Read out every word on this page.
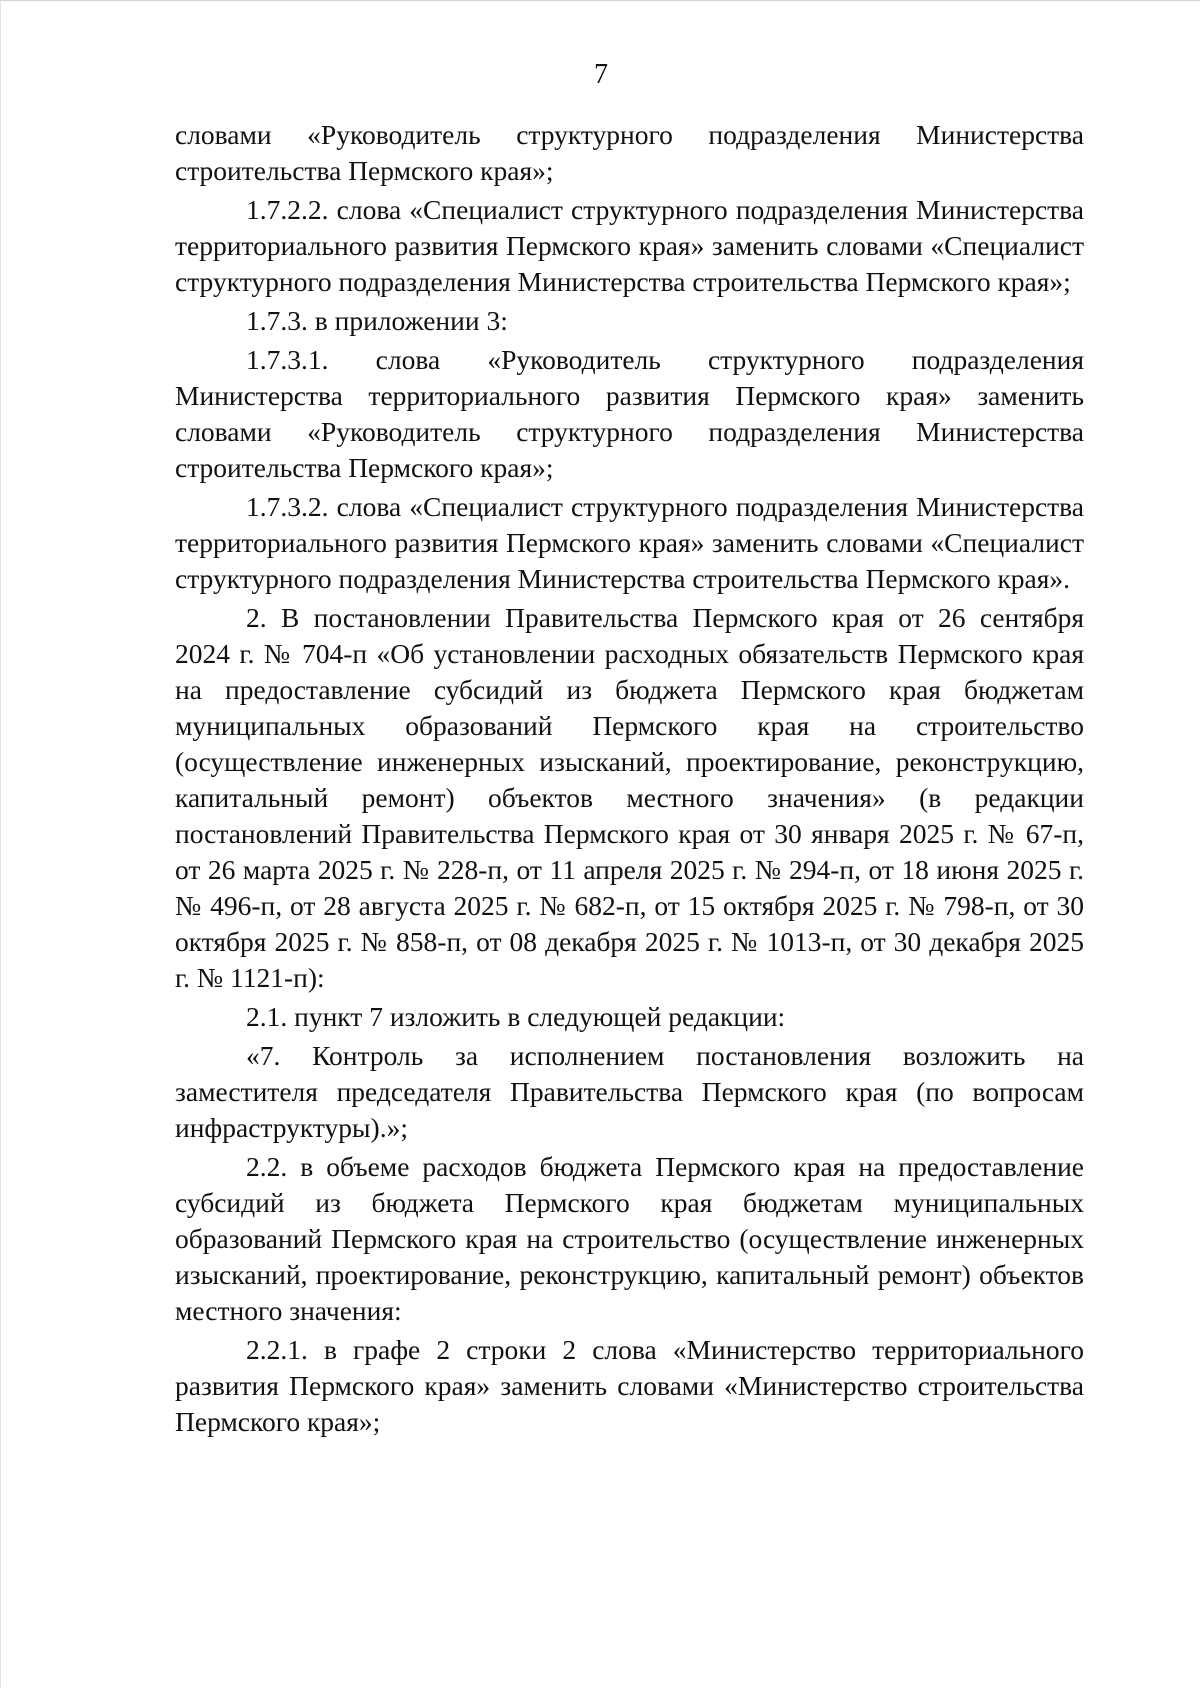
7

словами «Руководитель структурного подразделения Министерства строительства Пермского края»;

1.7.2.2. слова «Специалист структурного подразделения Министерства территориального развития Пермского края» заменить словами «Специалист структурного подразделения Министерства строительства Пермского края»;

1.7.3. в приложении 3:

1.7.3.1. слова «Руководитель структурного подразделения Министерства территориального развития Пермского края» заменить словами «Руководитель структурного подразделения Министерства строительства Пермского края»;

1.7.3.2. слова «Специалист структурного подразделения Министерства территориального развития Пермского края» заменить словами «Специалист структурного подразделения Министерства строительства Пермского края».

2. В постановлении Правительства Пермского края от 26 сентября 2024 г. № 704-п «Об установлении расходных обязательств Пермского края на предоставление субсидий из бюджета Пермского края бюджетам муниципальных образований Пермского края на строительство (осуществление инженерных изысканий, проектирование, реконструкцию, капитальный ремонт) объектов местного значения» (в редакции постановлений Правительства Пермского края от 30 января 2025 г. № 67-п, от 26 марта 2025 г. № 228-п, от 11 апреля 2025 г. № 294-п, от 18 июня 2025 г. № 496-п, от 28 августа 2025 г. № 682-п, от 15 октября 2025 г. № 798-п, от 30 октября 2025 г. № 858-п, от 08 декабря 2025 г. № 1013-п, от 30 декабря 2025 г. № 1121-п):

2.1. пункт 7 изложить в следующей редакции:

«7. Контроль за исполнением постановления возложить на заместителя председателя Правительства Пермского края (по вопросам инфраструктуры).»;

2.2. в объеме расходов бюджета Пермского края на предоставление субсидий из бюджета Пермского края бюджетам муниципальных образований Пермского края на строительство (осуществление инженерных изысканий, проектирование, реконструкцию, капитальный ремонт) объектов местного значения:

2.2.1. в графе 2 строки 2 слова «Министерство территориального развития Пермского края» заменить словами «Министерство строительства Пермского края»;
